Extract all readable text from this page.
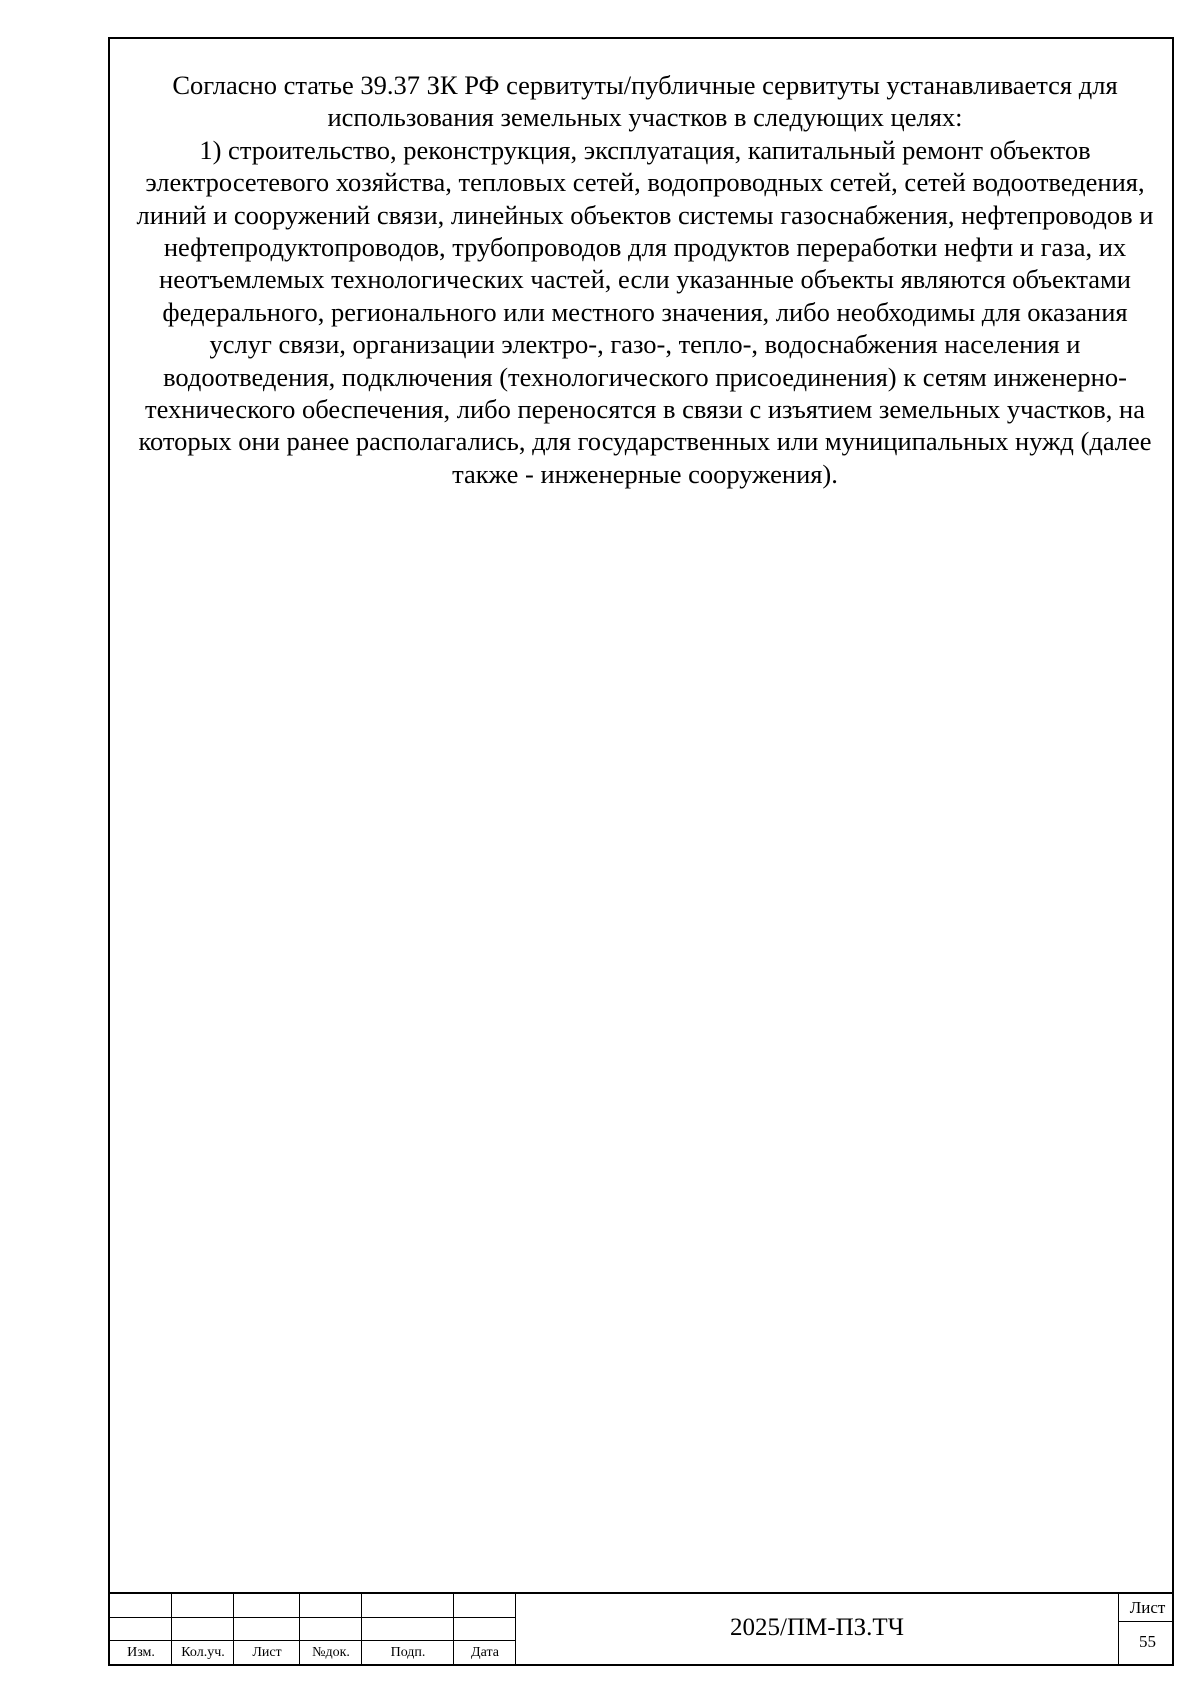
Согласно статье 39.37 ЗК РФ сервитуты/публичные сервитуты устанавливается для использования земельных участков в следующих целях:

1) строительство, реконструкция, эксплуатация, капитальный ремонт объектов электросетевого хозяйства, тепловых сетей, водопроводных сетей, сетей водоотведения, линий и сооружений связи, линейных объектов системы газоснабжения, нефтепроводов и нефтепродуктопроводов, трубопроводов для продуктов переработки нефти и газа, их неотъемлемых технологических частей, если указанные объекты являются объектами федерального, регионального или местного значения, либо необходимы для оказания услуг связи, организации электро-, газо-, тепло-, водоснабжения населения и водоотведения, подключения (технологического присоединения) к сетям инженерно-технического обеспечения, либо переносятся в связи с изъятием земельных участков, на которых они ранее располагались, для государственных или муниципальных нужд (далее также - инженерные сооружения).

Изм.	Кол.уч.	Лист	№док.	Подп.	Дата
2025/ПМ-ПЗ.ТЧ
Лист
55
